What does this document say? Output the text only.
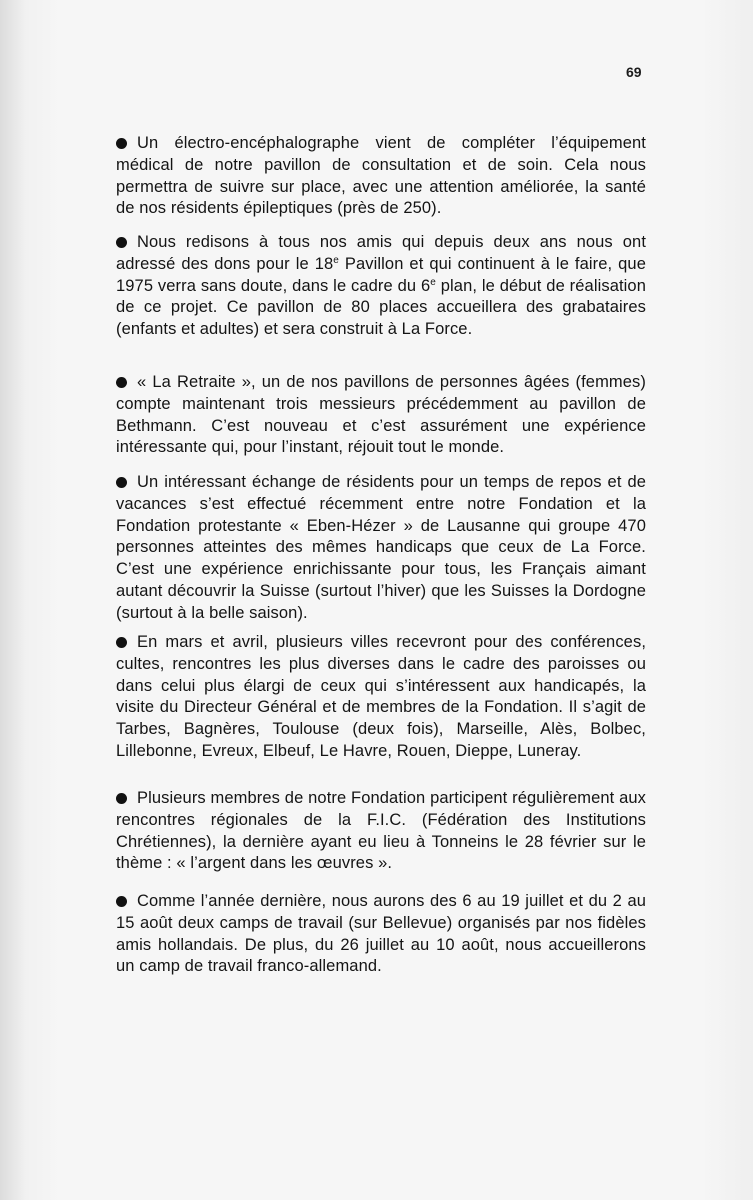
69

Un électro-encéphalographe vient de compléter l’équipement médical de notre pavillon de consultation et de soin. Cela nous permettra de suivre sur place, avec une attention améliorée, la santé de nos résidents épileptiques (près de 250).

Nous redisons à tous nos amis qui depuis deux ans nous ont adressé des dons pour le 18e Pavillon et qui continuent à le faire, que 1975 verra sans doute, dans le cadre du 6e plan, le début de réalisation de ce projet. Ce pavillon de 80 places accueillera des grabataires (enfants et adultes) et sera construit à La Force.

« La Retraite », un de nos pavillons de personnes âgées (femmes) compte maintenant trois messieurs précédemment au pavillon de Bethmann. C’est nouveau et c’est assurément une expérience intéressante qui, pour l’instant, réjouit tout le monde.

Un intéressant échange de résidents pour un temps de repos et de vacances s’est effectué récemment entre notre Fondation et la Fondation protestante « Eben-Hézer » de Lausanne qui groupe 470 personnes atteintes des mêmes handicaps que ceux de La Force. C’est une expérience enrichissante pour tous, les Français aimant autant découvrir la Suisse (surtout l’hiver) que les Suisses la Dordogne (surtout à la belle saison).

En mars et avril, plusieurs villes recevront pour des conférences, cultes, rencontres les plus diverses dans le cadre des paroisses ou dans celui plus élargi de ceux qui s’intéressent aux handicapés, la visite du Directeur Général et de membres de la Fondation. Il s’agit de Tarbes, Bagnères, Toulouse (deux fois), Marseille, Alès, Bolbec, Lillebonne, Evreux, Elbeuf, Le Havre, Rouen, Dieppe, Luneray.

Plusieurs membres de notre Fondation participent régulièrement aux rencontres régionales de la F.I.C. (Fédération des Institutions Chrétiennes), la dernière ayant eu lieu à Tonneins le 28 février sur le thème : « l’argent dans les œuvres ».

Comme l’année dernière, nous aurons des 6 au 19 juillet et du 2 au 15 août deux camps de travail (sur Bellevue) organisés par nos fidèles amis hollandais. De plus, du 26 juillet au 10 août, nous accueillerons un camp de travail franco-allemand.
